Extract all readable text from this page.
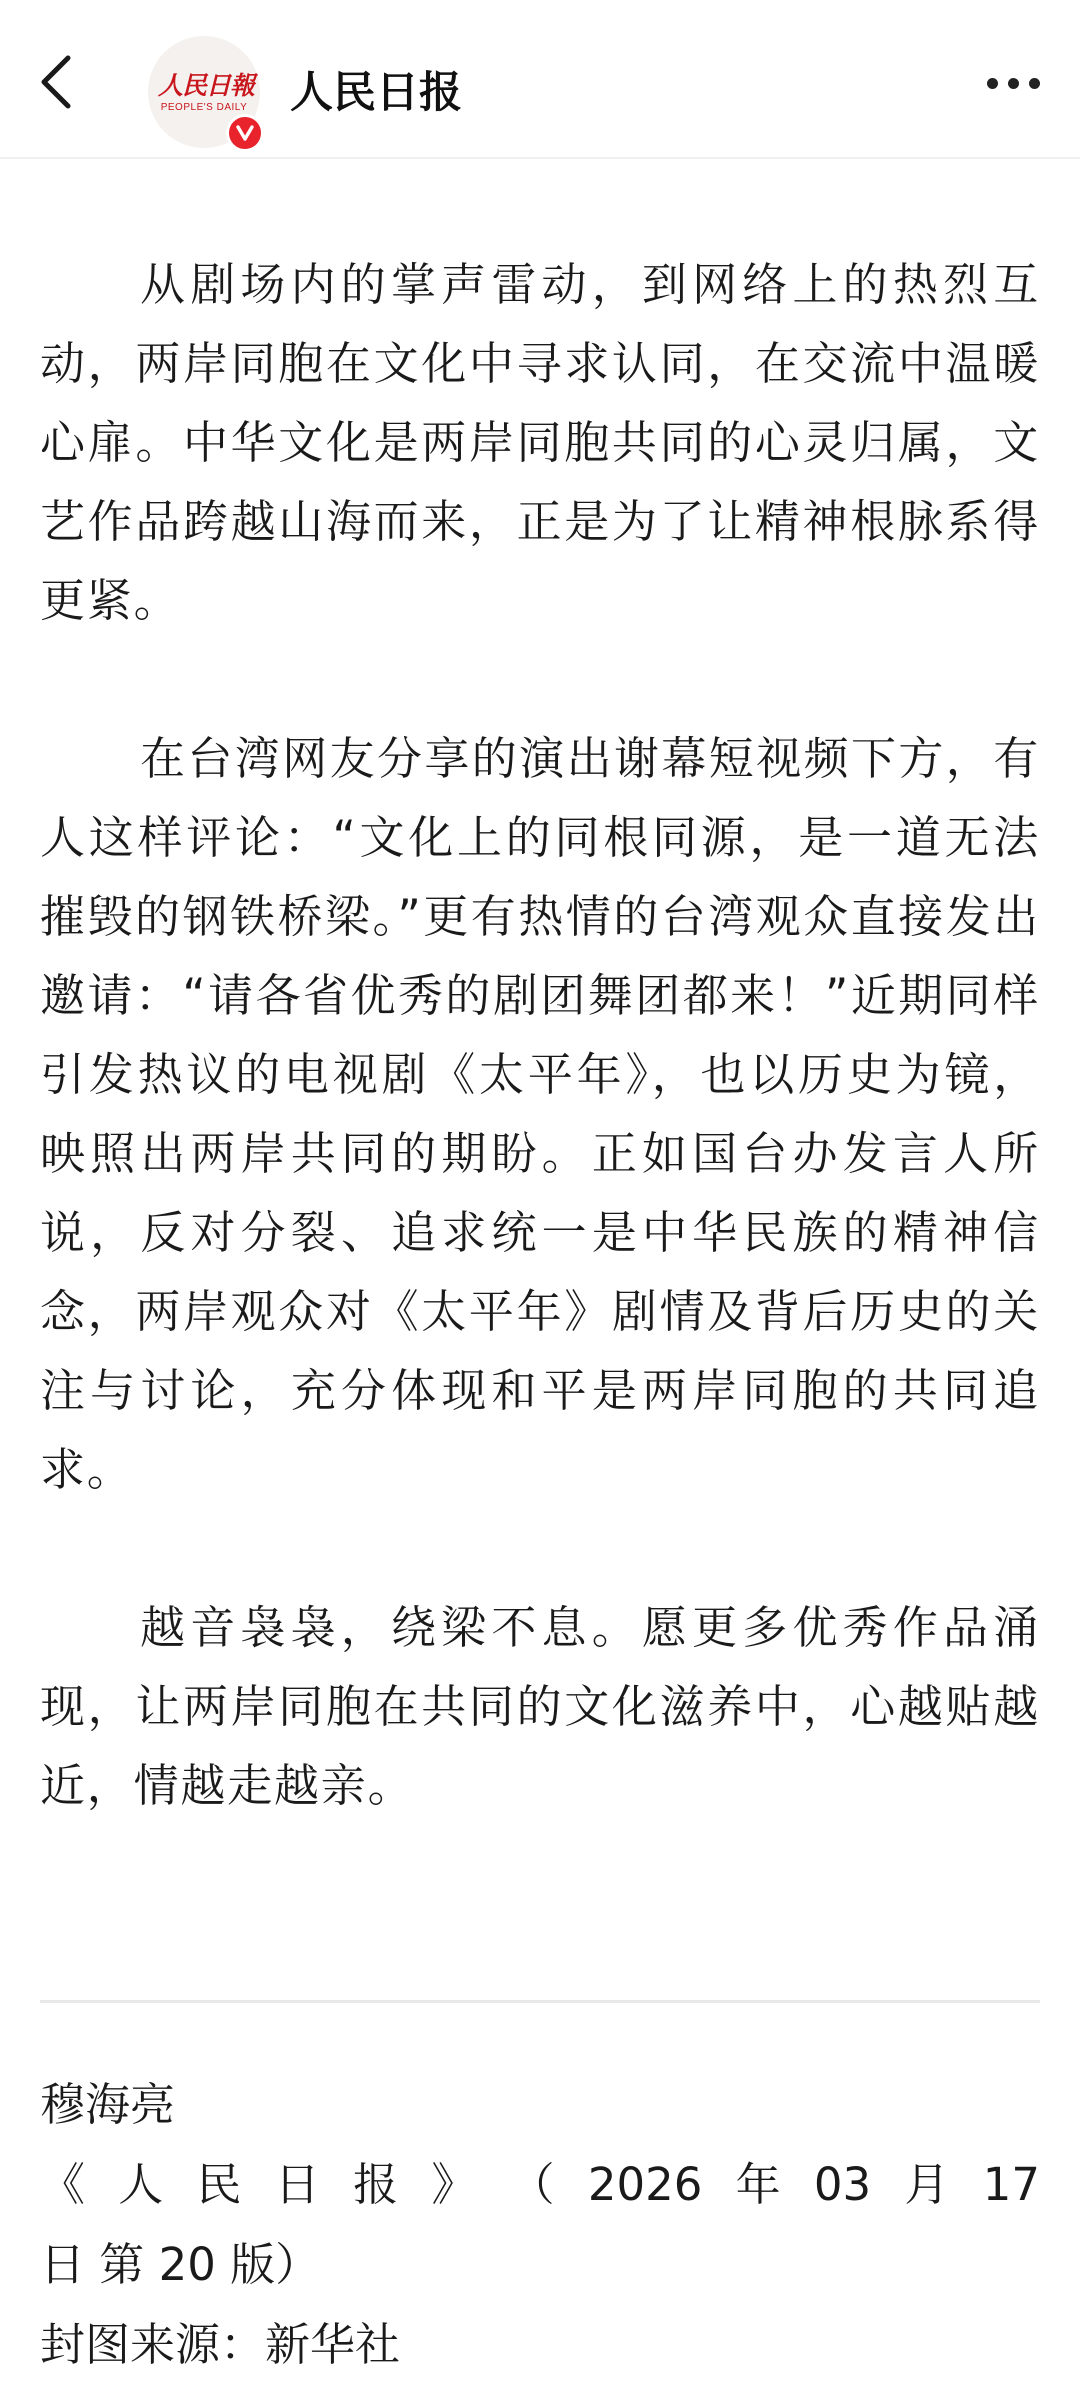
人民日報
PEOPLE'S DAILY 人民日报

从剧场内的掌声雷动，到网络上的热烈互动，两岸同胞在文化中寻求认同，在交流中温暖心扉。中华文化是两岸同胞共同的心灵归属，文艺作品跨越山海而来，正是为了让精神根脉系得更紧。

在台湾网友分享的演出谢幕短视频下方，有人这样评论：“文化上的同根同源，是一道无法摧毁的钢铁桥梁。”更有热情的台湾观众直接发出邀请：“请各省优秀的剧团舞团都来！”近期同样引发热议的电视剧《太平年》，也以历史为镜，映照出两岸共同的期盼。正如国台办发言人所说，反对分裂、追求统一是中华民族的精神信念，两岸观众对《太平年》剧情及背后历史的关注与讨论，充分体现和平是两岸同胞的共同追求。

越音袅袅，绕梁不息。愿更多优秀作品涌现，让两岸同胞在共同的文化滋养中，心越贴越近，情越走越亲。

穆海亮
《 人 民 日 报 》 （ 2026 年 03 月 17
日 第 20 版）
封图来源：新华社
